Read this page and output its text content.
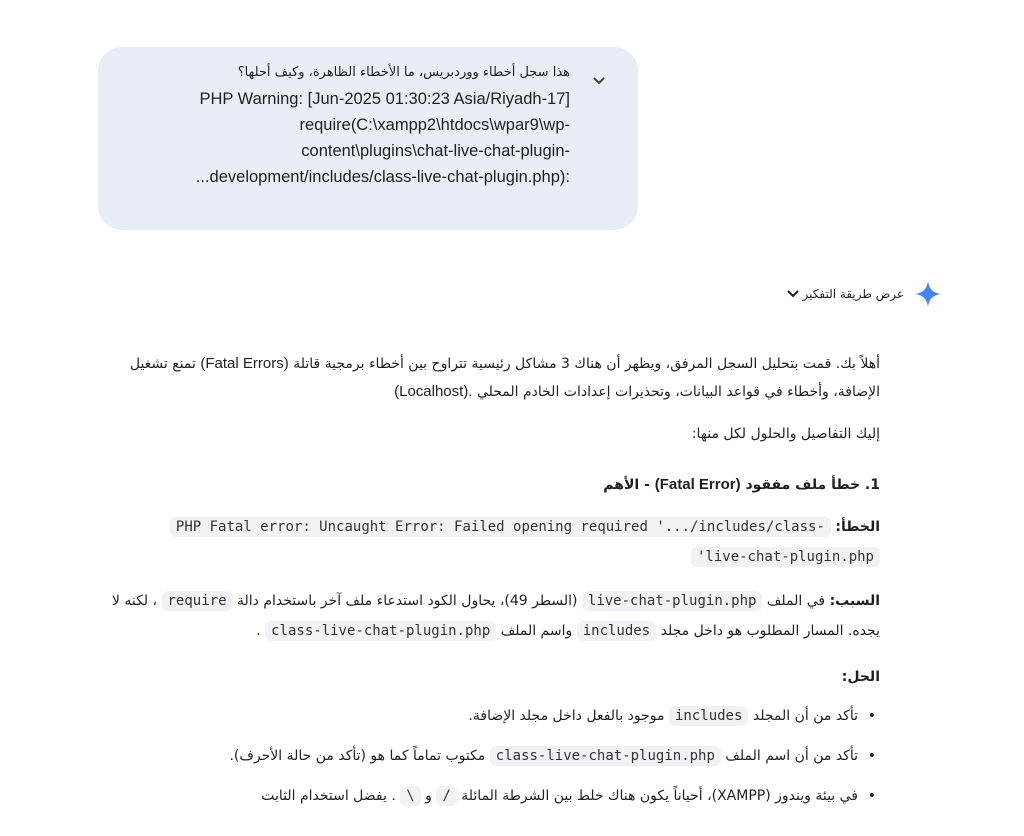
هذا سجل أخطاء ووردبريس، ما الأخطاء الظاهرة، وكيف أحلها؟
PHP Warning: [Jun-2025 01:30:23 Asia/Riyadh-17]
require(C:\xampp2\htdocs\wpar9\wp-
content\plugins\chat-live-chat-plugin-
...development/includes/class-live-chat-plugin.php):
عرض طريقة التفكير

أهلاً بك. قمت بتحليل السجل المرفق، ويظهر أن هناك 3 مشاكل رئيسية تتراوح بين أخطاء برمجية قاتلة (Fatal Errors) تمنع تشغيل
الإضافة، وأخطاء في قواعد البيانات، وتحذيرات إعدادات الخادم المحلي (Localhost).

إليك التفاصيل والحلول لكل منها:

1. خطأ ملف مفقود (Fatal Error) - الأهم

الخطأ: PHP Fatal error: Uncaught Error: Failed opening required '.../includes/class-
'live-chat-plugin.php
السبب: في الملف live-chat-plugin.php (السطر 49)، يحاول الكود استدعاء ملف آخر باستخدام دالة require ، لكنه لا
يجده. المسار المطلوب هو داخل مجلد includes واسم الملف class-live-chat-plugin.php .

الحل:

• تأكد من أن المجلد includes موجود بالفعل داخل مجلد الإضافة.
• تأكد من أن اسم الملف class-live-chat-plugin.php مكتوب تماماً كما هو (تأكد من حالة الأحرف).
• في بيئة ويندوز (XAMPP)، أحياناً يكون هناك خلط بين الشرطة المائلة / و \ . يفضل استخدام الثابت
